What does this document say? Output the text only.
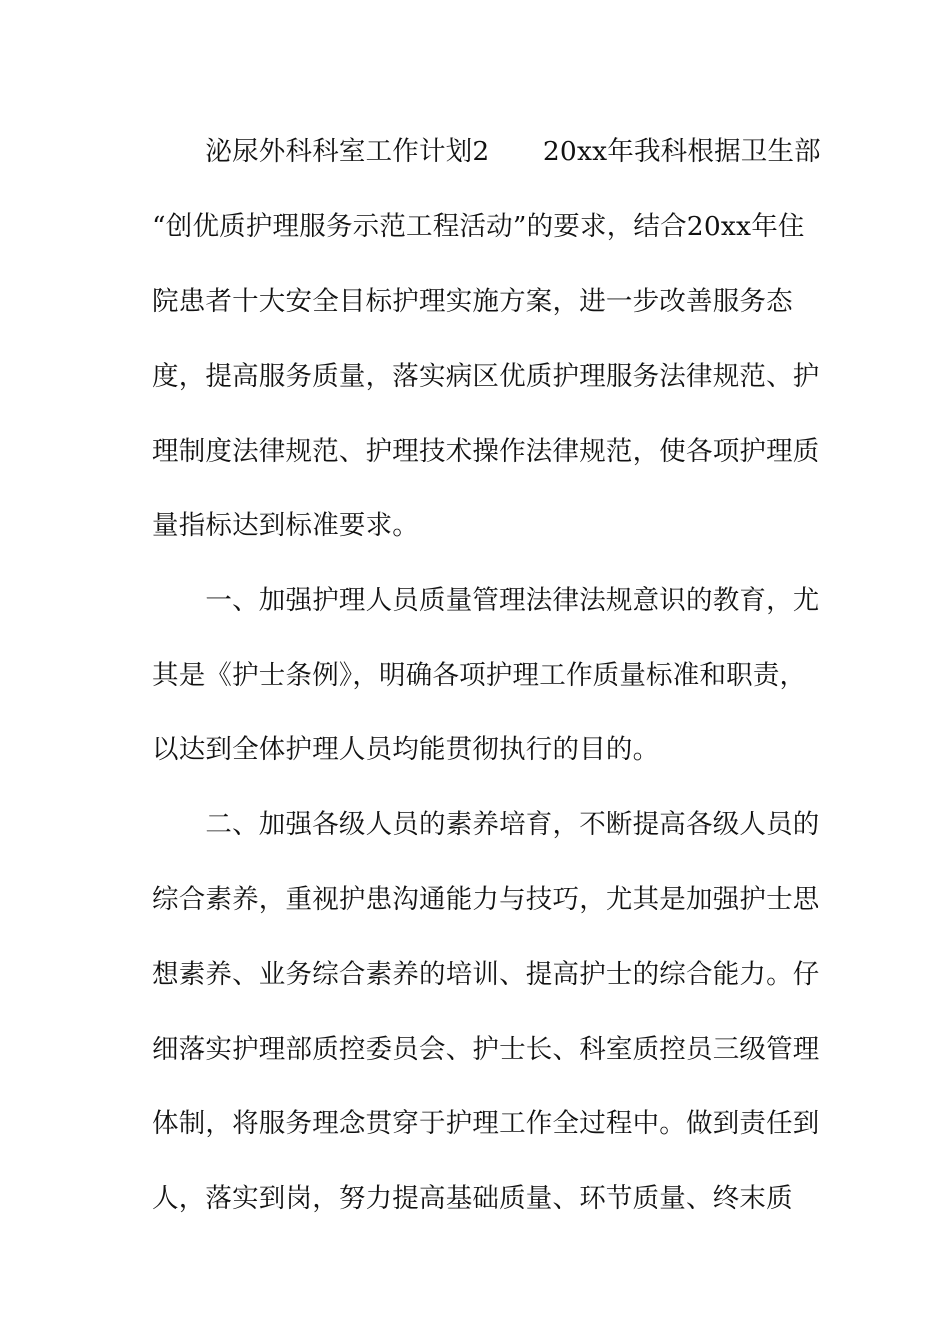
　　泌尿外科科室工作计划2　　20xx年我科根据卫生部
“创优质护理服务示范工程活动”的要求，结合20xx年住
院患者十大安全目标护理实施方案，进一步改善服务态
度，提高服务质量，落实病区优质护理服务法律规范、护
理制度法律规范、护理技术操作法律规范，使各项护理质
量指标达到标准要求。
　　一、加强护理人员质量管理法律法规意识的教育，尤
其是《护士条例》，明确各项护理工作质量标准和职责，
以达到全体护理人员均能贯彻执行的目的。
　　二、加强各级人员的素养培育，不断提高各级人员的
综合素养，重视护患沟通能力与技巧，尤其是加强护士思
想素养、业务综合素养的培训、提高护士的综合能力。仔
细落实护理部质控委员会、护士长、科室质控员三级管理
体制，将服务理念贯穿于护理工作全过程中。做到责任到
人，落实到岗，努力提高基础质量、环节质量、终末质
